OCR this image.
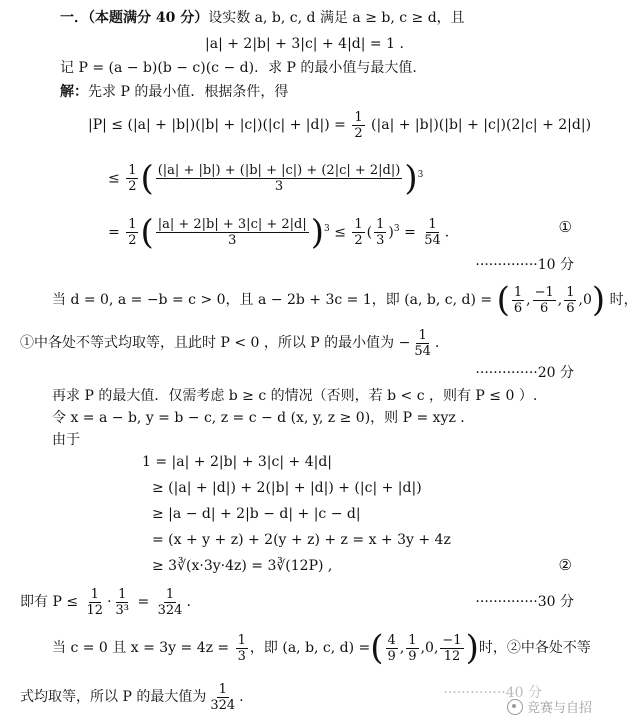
一．（本题满分 40 分）设实数 a, b, c, d 满足 a ≥ b, c ≥ d，且
|a| + 2|b| + 3|c| + 4|d| = 1 .
记 P = (a − b)(b − c)(c − d)．求 P 的最小值与最大值.
解：先求 P 的最小值．根据条件，得
$|P| \le (|a| + |b|)(|b| + |c|)(|c| + |d|) = \frac{1}{2} (|a| + |b|)(|b| + |c|)(2|c| + 2|d|)$
≤ $\frac{1}{2}$ ( $\frac{(|a| + |b|) + (|b| + |c|) + (2|c| + 2|d|)}{3} )^3$
= $\frac{1}{2}$ ( $\frac{|a| + 2|b| + 3|c| + 2|d|}{3} )^3 \le \frac{1}{2}$ ( $\frac{1}{3} )^3 = \frac{1}{54}$ .	①
··············10 分
当 d = 0, a = −b = c > 0，且 a − 2b + 3c = 1，即 (a, b, c, d) = ( $\frac{1}{6}$ , $\frac{-1}{6}$ , $\frac{1}{6} ,0$) 时，
①中各处不等式均取等，且此时 P < 0 ，所以 P 的最小值为 − $\frac{1}{54}$ .
··············20 分
再求 P 的最大值．仅需考虑 b ≥ c 的情况（否则，若 b < c ，则有 P ≤ 0 ）.
令 x = a − b, y = b − c, z = c − d (x, y, z ≥ 0)，则 P = xyz .
由于
1 = |a| + 2|b| + 3|c| + 4|d|
≥ (|a| + |d|) + 2(|b| + |d|) + (|c| + |d|)
≥ |a − d| + 2|b − d| + |c − d|
= (x + y + z) + 2(y + z) + z = x + 3y + 4z
≥ 3∛(x·3y·4z) = 3∛(12P) ,	②
即有 $P \le \frac{1}{12} \cdot \frac{1}{\text{3³}} = \frac{1}{324}$ .	··············30 分
当 c = 0 且 $x = 3y = 4z = \frac{1}{3}$ ，即 (a, b, c, d) =( $\frac{4}{9}$ , $\frac{1}{9} ,0$, $\frac{-1}{12}$ )时，②中各处不等
式均取等，所以 P 的最大值为 $\frac{1}{324}$ .	··············40 分
竞赛与自招
